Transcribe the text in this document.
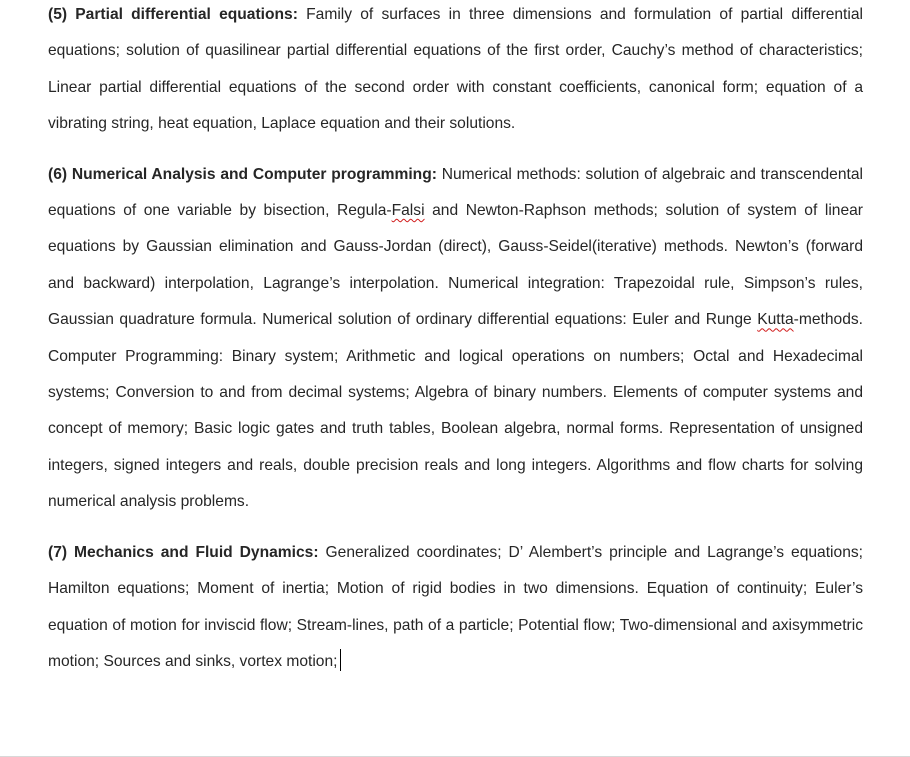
(5) Partial differential equations: Family of surfaces in three dimensions and formulation of partial differential equations; solution of quasilinear partial differential equations of the first order, Cauchy’s method of characteristics; Linear partial differential equations of the second order with constant coefficients, canonical form; equation of a vibrating string, heat equation, Laplace equation and their solutions.

(6) Numerical Analysis and Computer programming: Numerical methods: solution of algebraic and transcendental equations of one variable by bisection, Regula-Falsi and Newton-Raphson methods; solution of system of linear equations by Gaussian elimination and Gauss-Jordan (direct), Gauss-Seidel(iterative) methods. Newton’s (forward and backward) interpolation, Lagrange’s interpolation. Numerical integration: Trapezoidal rule, Simpson’s rules, Gaussian quadrature formula. Numerical solution of ordinary differential equations: Euler and Runge Kutta-methods. Computer Programming: Binary system; Arithmetic and logical operations on numbers; Octal and Hexadecimal systems; Conversion to and from decimal systems; Algebra of binary numbers. Elements of computer systems and concept of memory; Basic logic gates and truth tables, Boolean algebra, normal forms. Representation of unsigned integers, signed integers and reals, double precision reals and long integers. Algorithms and flow charts for solving numerical analysis problems.

(7) Mechanics and Fluid Dynamics: Generalized coordinates; D’ Alembert’s principle and Lagrange’s equations; Hamilton equations; Moment of inertia; Motion of rigid bodies in two dimensions. Equation of continuity; Euler’s equation of motion for inviscid flow; Stream-lines, path of a particle; Potential flow; Two-dimensional and axisymmetric motion; Sources and sinks, vortex motion;
